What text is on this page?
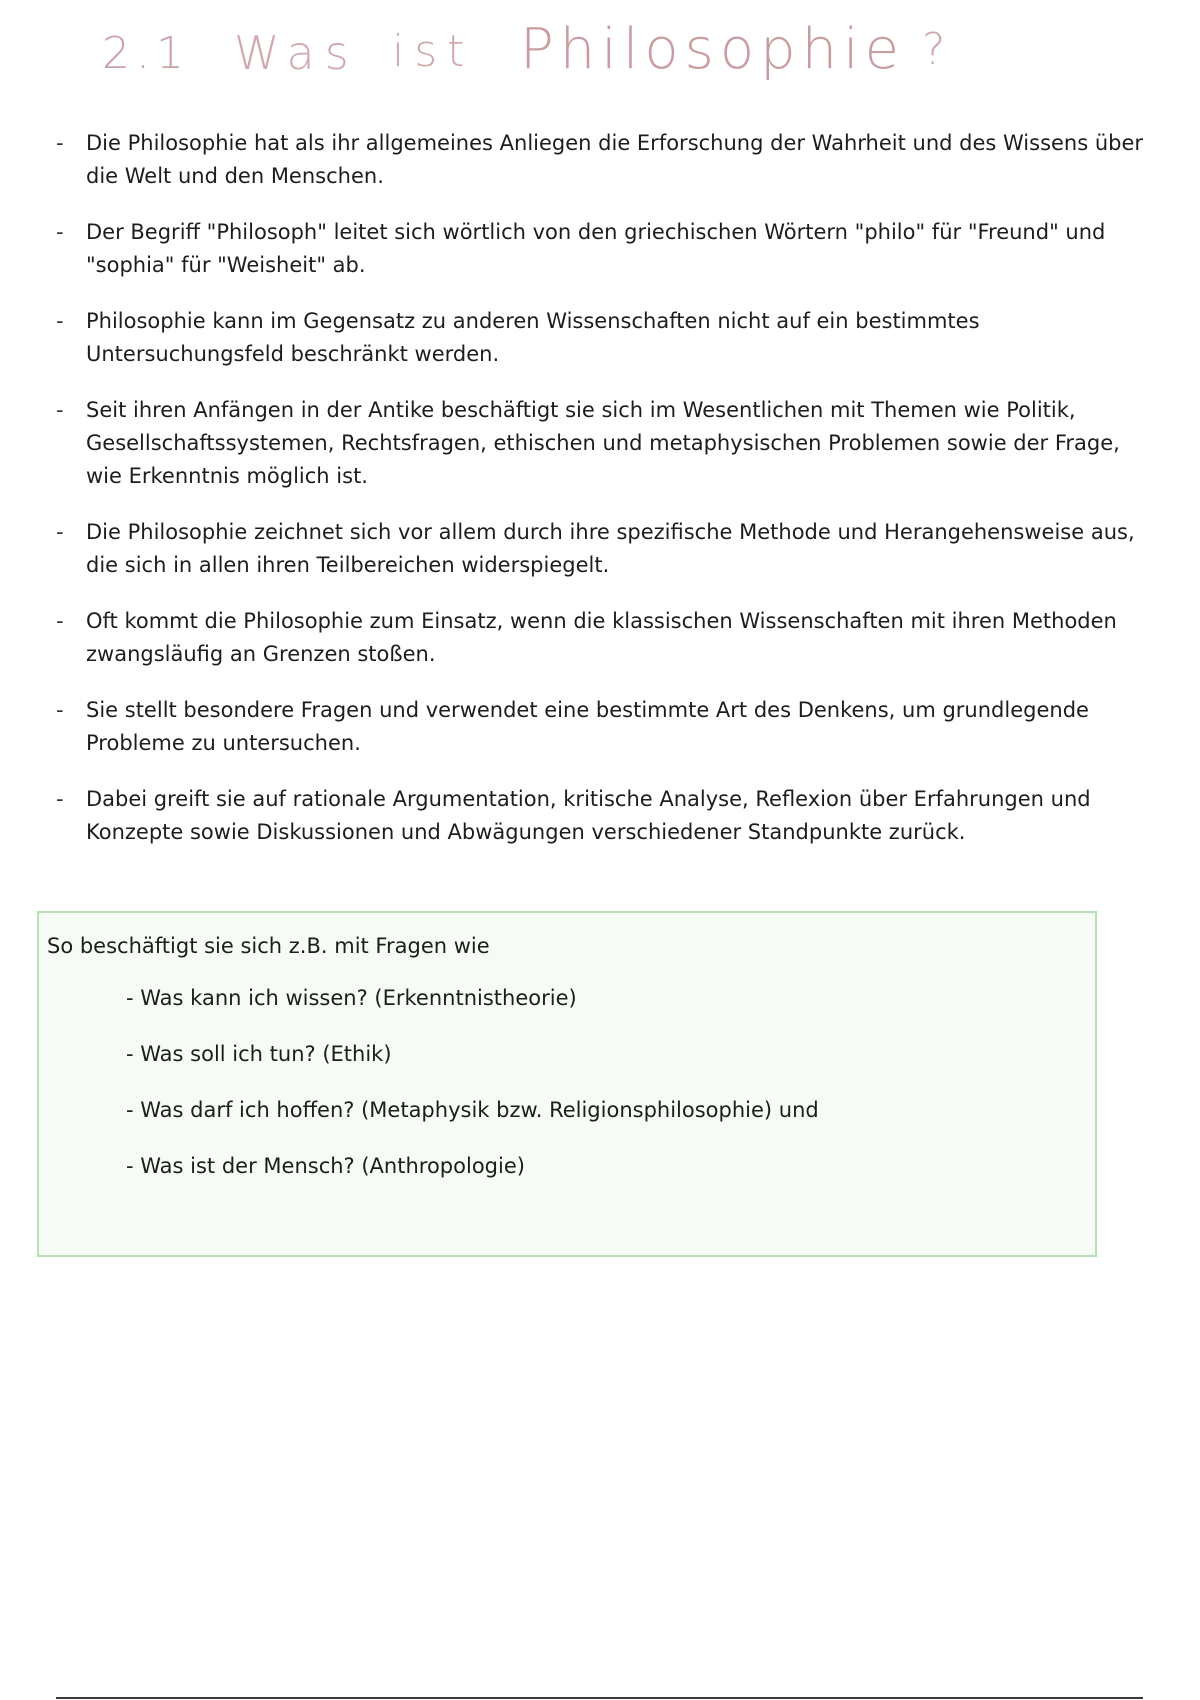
2.1 Was ist Philosophie ?
- Die Philosophie hat als ihr allgemeines Anliegen die Erforschung der Wahrheit und des Wissens über die Welt und den Menschen.
- Der Begriff "Philosoph" leitet sich wörtlich von den griechischen Wörtern "philo" für "Freund" und "sophia" für "Weisheit" ab.
- Philosophie kann im Gegensatz zu anderen Wissenschaften nicht auf ein bestimmtes Untersuchungsfeld beschränkt werden.
- Seit ihren Anfängen in der Antike beschäftigt sie sich im Wesentlichen mit Themen wie Politik, Gesellschaftssystemen, Rechtsfragen, ethischen und metaphysischen Problemen sowie der Frage, wie Erkenntnis möglich ist.
- Die Philosophie zeichnet sich vor allem durch ihre spezifische Methode und Herangehensweise aus, die sich in allen ihren Teilbereichen widerspiegelt.
- Oft kommt die Philosophie zum Einsatz, wenn die klassischen Wissenschaften mit ihren Methoden zwangsläufig an Grenzen stoßen.
- Sie stellt besondere Fragen und verwendet eine bestimmte Art des Denkens, um grundlegende Probleme zu untersuchen.
- Dabei greift sie auf rationale Argumentation, kritische Analyse, Reflexion über Erfahrungen und Konzepte sowie Diskussionen und Abwägungen verschiedener Standpunkte zurück.
So beschäftigt sie sich z.B. mit Fragen wie
- Was kann ich wissen? (Erkenntnistheorie)
- Was soll ich tun? (Ethik)
- Was darf ich hoffen? (Metaphysik bzw. Religionsphilosophie) und
- Was ist der Mensch? (Anthropologie)
